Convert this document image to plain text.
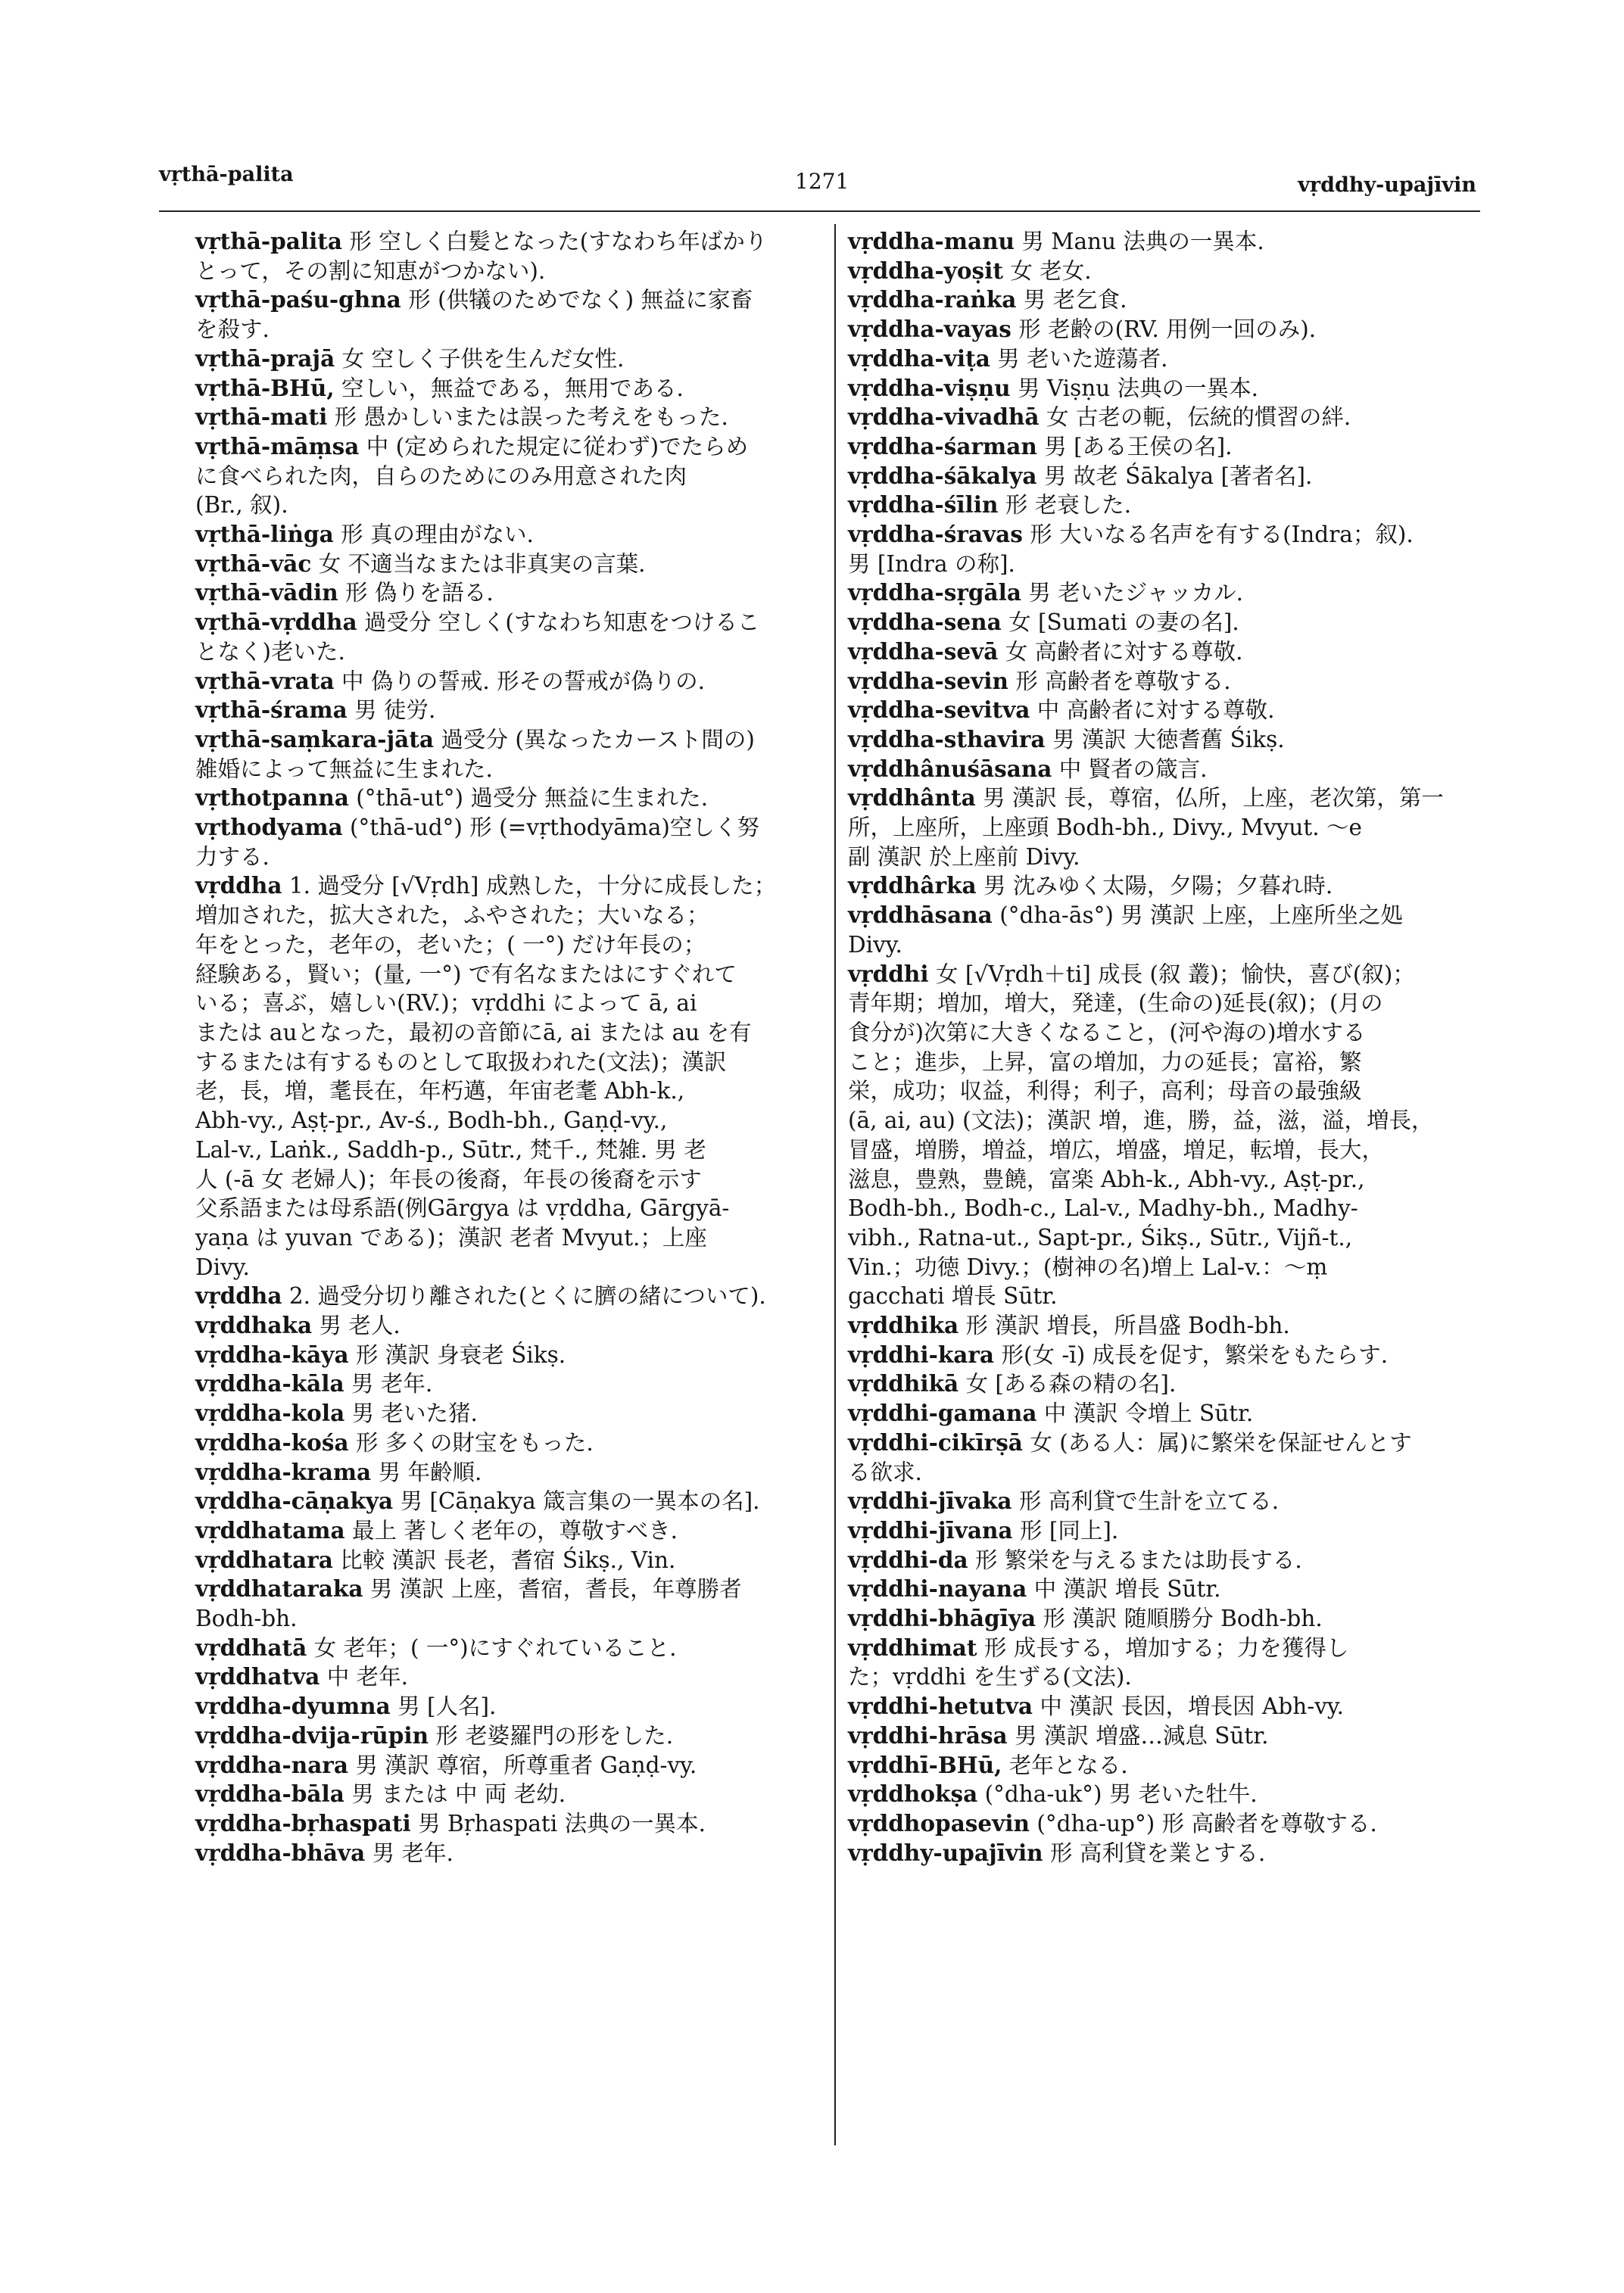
vṛthā-palita	1271	vṛddhy-upajīvin

vṛthā-palita 形 空しく白髪となった(すなわち年ばかり
とって，その割に知恵がつかない).

vṛthā-paśu-ghna 形 (供犠のためでなく) 無益に家畜
を殺す.

vṛthā-prajā 女 空しく子供を生んだ女性.

vṛthā-BHū, 空しい，無益である，無用である.

vṛthā-mati 形 愚かしいまたは誤った考えをもった.

vṛthā-māṃsa 中 (定められた規定に従わず)でたらめ
に食べられた肉，自らのためにのみ用意された肉
(Br., 叙).

vṛthā-liṅga 形 真の理由がない.

vṛthā-vāc 女 不適当なまたは非真実の言葉.

vṛthā-vādin 形 偽りを語る.

vṛthā-vṛddha 過受分 空しく(すなわち知恵をつけるこ
となく)老いた.

vṛthā-vrata 中 偽りの誓戒. 形その誓戒が偽りの.

vṛthā-śrama 男 徒労.

vṛthā-saṃkara-jāta 過受分 (異なったカースト間の)
雑婚によって無益に生まれた.

vṛthotpanna (°thā-ut°) 過受分 無益に生まれた.

vṛthodyama (°thā-ud°) 形 (=vṛthodyāma)空しく努
力する.

vṛddha 1. 過受分 [√Vṛdh] 成熟した，十分に成長した；
増加された，拡大された，ふやされた；大いなる；
年をとった，老年の，老いた；( 一°) だけ年長の；
経験ある，賢い；(量, 一°) で有名なまたはにすぐれて
いる；喜ぶ，嬉しい(RV.)；vṛddhi によって ā, ai
または auとなった，最初の音節にā, ai または au を有
するまたは有するものとして取扱われた(文法)；漢訳
老，長，増，耄長在，年朽邁，年宙老耄 Abh-k.,
Abh-vy., Aṣṭ-pr., Av-ś., Bodh-bh., Gaṇḍ-vy.,
Lal-v., Laṅk., Saddh-p., Sūtr., 梵千., 梵雑. 男 老
人 (-ā 女 老婦人)；年長の後裔，年長の後裔を示す
父系語または母系語(例Gārgya は vṛddha, Gārgyā-
yaṇa は yuvan である)；漢訳 老者 Mvyut.；上座
Divy.

vṛddha 2. 過受分切り離された(とくに臍の緒について).

vṛddhaka 男 老人.

vṛddha-kāya 形 漢訳 身衰老 Śikṣ.

vṛddha-kāla 男 老年.

vṛddha-kola 男 老いた猪.

vṛddha-kośa 形 多くの財宝をもった.

vṛddha-krama 男 年齢順.

vṛddha-cāṇakya 男 [Cāṇakya 箴言集の一異本の名].

vṛddhatama 最上 著しく老年の，尊敬すべき.

vṛddhatara 比較 漢訳 長老，耆宿 Śikṣ., Vin.

vṛddhataraka 男 漢訳 上座，耆宿，耆長，年尊勝者
Bodh-bh.

vṛddhatā 女 老年；( 一°)にすぐれていること.

vṛddhatva 中 老年.

vṛddha-dyumna 男 [人名].

vṛddha-dvija-rūpin 形 老婆羅門の形をした.

vṛddha-nara 男 漢訳 尊宿，所尊重者 Gaṇḍ-vy.

vṛddha-bāla 男 または 中 両 老幼.

vṛddha-bṛhaspati 男 Bṛhaspati 法典の一異本.

vṛddha-bhāva 男 老年.

vṛddha-manu 男 Manu 法典の一異本.

vṛddha-yoṣit 女 老女.

vṛddha-raṅka 男 老乞食.

vṛddha-vayas 形 老齢の(RV. 用例一回のみ).

vṛddha-viṭa 男 老いた遊蕩者.

vṛddha-viṣṇu 男 Viṣṇu 法典の一異本.

vṛddha-vivadhā 女 古老の軛，伝統的慣習の絆.

vṛddha-śarman 男 [ある王侯の名].

vṛddha-śākalya 男 故老 Śākalya [著者名].

vṛddha-śīlin 形 老衰した.

vṛddha-śravas 形 大いなる名声を有する(Indra；叙).
男 [Indra の称].

vṛddha-sṛgāla 男 老いたジャッカル.

vṛddha-sena 女 [Sumati の妻の名].

vṛddha-sevā 女 高齢者に対する尊敬.

vṛddha-sevin 形 高齢者を尊敬する.

vṛddha-sevitva 中 高齢者に対する尊敬.

vṛddha-sthavira 男 漢訳 大徳耆舊 Śikṣ.

vṛddhânuśāsana 中 賢者の箴言.

vṛddhânta 男 漢訳 長，尊宿，仏所，上座，老次第，第一
所，上座所，上座頭 Bodh-bh., Divy., Mvyut. ～e
副 漢訳 於上座前 Divy.

vṛddhârka 男 沈みゆく太陽，夕陽；夕暮れ時.

vṛddhāsana (°dha-ās°) 男 漢訳 上座，上座所坐之処
Divy.

vṛddhi 女 [√Vṛdh＋ti] 成長 (叙 叢)；愉快，喜び(叙)；
青年期；増加，増大，発達，(生命の)延長(叙)；(月の
食分が)次第に大きくなること，(河や海の)増水する
こと；進歩，上昇，富の増加，力の延長；富裕，繁
栄，成功；収益，利得；利子，高利；母音の最強級
(ā, ai, au) (文法)；漢訳 増，進，勝，益，滋，溢，増長，
冒盛，増勝，増益，増広，増盛，増足，転増，長大，
滋息，豊熟，豊饒，富楽 Abh-k., Abh-vy., Aṣṭ-pr.,
Bodh-bh., Bodh-c., Lal-v., Madhy-bh., Madhy-
vibh., Ratna-ut., Sapt-pr., Śikṣ., Sūtr., Vijñ-t.,
Vin.；功徳 Divy.；(樹神の名)増上 Lal-v.：～ṃ
gacchati 増長 Sūtr.

vṛddhika 形 漢訳 増長，所昌盛 Bodh-bh.

vṛddhi-kara 形(女 -ī) 成長を促す，繁栄をもたらす.

vṛddhikā 女 [ある森の精の名].

vṛddhi-gamana 中 漢訳 令増上 Sūtr.

vṛddhi-cikīrṣā 女 (ある人：属)に繁栄を保証せんとす
る欲求.

vṛddhi-jīvaka 形 高利貸で生計を立てる.

vṛddhi-jīvana 形 [同上].

vṛddhi-da 形 繁栄を与えるまたは助長する.

vṛddhi-nayana 中 漢訳 増長 Sūtr.

vṛddhi-bhāgīya 形 漢訳 随順勝分 Bodh-bh.

vṛddhimat 形 成長する，増加する；力を獲得し
た；vṛddhi を生ずる(文法).

vṛddhi-hetutva 中 漢訳 長因，増長因 Abh-vy.

vṛddhi-hrāsa 男 漢訳 増盛…減息 Sūtr.

vṛddhī-BHū, 老年となる.

vṛddhokṣa (°dha-uk°) 男 老いた牡牛.

vṛddhopasevin (°dha-up°) 形 高齢者を尊敬する.

vṛddhy-upajīvin 形 高利貸を業とする.
